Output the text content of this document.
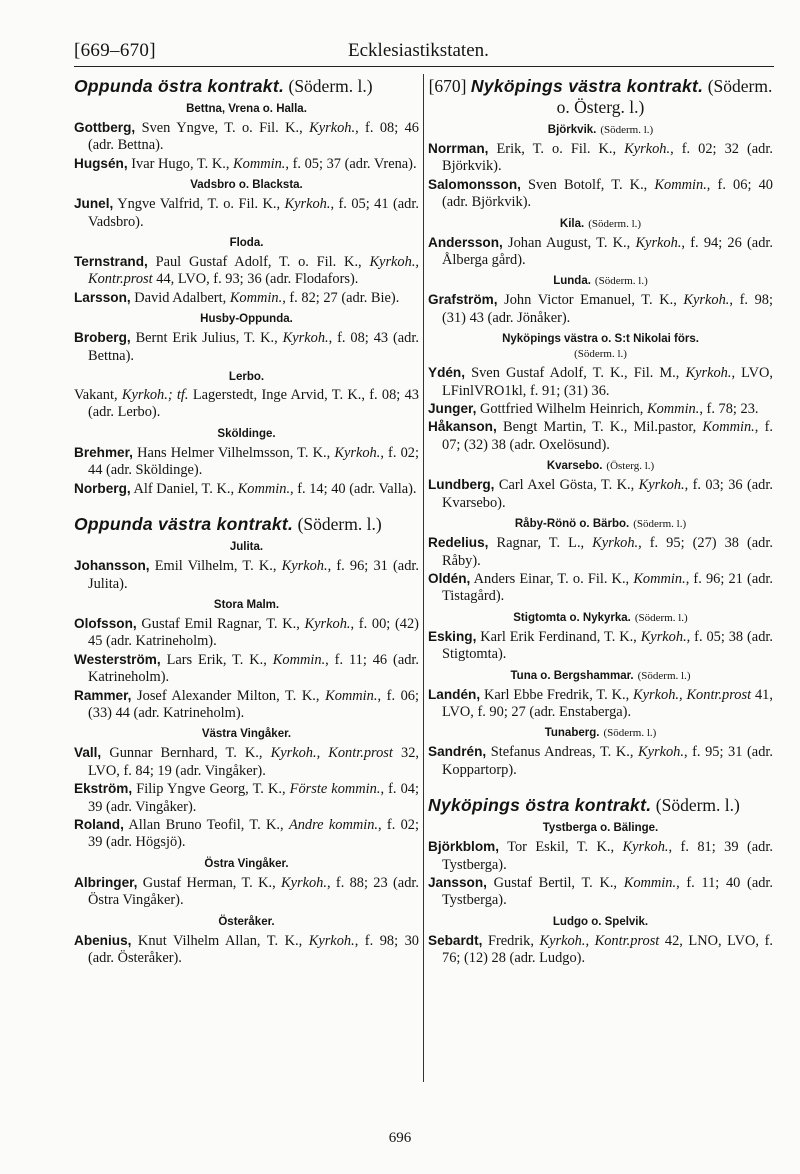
[669–670]	Ecklesiastikstaten.
Oppunda östra kontrakt. (Söderm. l.)
Bettna, Vrena o. Halla.
Gottberg, Sven Yngve, T. o. Fil. K., Kyrkoh., f. 08; 46 (adr. Bettna).
Hugsén, Ivar Hugo, T. K., Kommin., f. 05; 37 (adr. Vrena).
Vadsbro o. Blacksta.
Junel, Yngve Valfrid, T. o. Fil. K., Kyrkoh., f. 05; 41 (adr. Vadsbro).
Floda.
Ternstrand, Paul Gustaf Adolf, T. o. Fil. K., Kyrkoh., Kontr.prost 44, LVO, f. 93; 36 (adr. Flodafors).
Larsson, David Adalbert, Kommin., f. 82; 27 (adr. Bie).
Husby-Oppunda.
Broberg, Bernt Erik Julius, T. K., Kyrkoh., f. 08; 43 (adr. Bettna).
Lerbo.
Vakant, Kyrkoh.; tf. Lagerstedt, Inge Arvid, T. K., f. 08; 43 (adr. Lerbo).
Sköldinge.
Brehmer, Hans Helmer Vilhelmsson, T. K., Kyrkoh., f. 02; 44 (adr. Sköldinge).
Norberg, Alf Daniel, T. K., Kommin., f. 14; 40 (adr. Valla).
Oppunda västra kontrakt. (Söderm. l.)
Julita.
Johansson, Emil Vilhelm, T. K., Kyrkoh., f. 96; 31 (adr. Julita).
Stora Malm.
Olofsson, Gustaf Emil Ragnar, T. K., Kyrkoh., f. 00; (42) 45 (adr. Katrineholm).
Westerström, Lars Erik, T. K., Kommin., f. 11; 46 (adr. Katrineholm).
Rammer, Josef Alexander Milton, T. K., Kommin., f. 06; (33) 44 (adr. Katrineholm).
Västra Vingåker.
Vall, Gunnar Bernhard, T. K., Kyrkoh., Kontr.prost 32, LVO, f. 84; 19 (adr. Vingåker).
Ekström, Filip Yngve Georg, T. K., Förste kommin., f. 04; 39 (adr. Vingåker).
Roland, Allan Bruno Teofil, T. K., Andre kommin., f. 02; 39 (adr. Högsjö).
Östra Vingåker.
Albringer, Gustaf Herman, T. K., Kyrkoh., f. 88; 23 (adr. Östra Vingåker).
Österåker.
Abenius, Knut Vilhelm Allan, T. K., Kyrkoh., f. 98; 30 (adr. Österåker).
[670] Nyköpings västra kontrakt. (Söderm. o. Österg. l.)
Björkvik. (Söderm. l.)
Norrman, Erik, T. o. Fil. K., Kyrkoh., f. 02; 32 (adr. Björkvik).
Salomonsson, Sven Botolf, T. K., Kommin., f. 06; 40 (adr. Björkvik).
Kila. (Söderm. l.)
Andersson, Johan August, T. K., Kyrkoh., f. 94; 26 (adr. Ålberga gård).
Lunda. (Söderm. l.)
Grafström, John Victor Emanuel, T. K., Kyrkoh., f. 98; (31) 43 (adr. Jönåker).
Nyköpings västra o. S:t Nikolai förs.
(Söderm. l.)
Ydén, Sven Gustaf Adolf, T. K., Fil. M., Kyrkoh., LVO, LFinlVRO1kl, f. 91; (31) 36.
Junger, Gottfried Wilhelm Heinrich, Kommin., f. 78; 23.
Håkanson, Bengt Martin, T. K., Mil.pastor, Kommin., f. 07; (32) 38 (adr. Oxelösund).
Kvarsebo. (Österg. l.)
Lundberg, Carl Axel Gösta, T. K., Kyrkoh., f. 03; 36 (adr. Kvarsebo).
Råby-Rönö o. Bärbo. (Söderm. l.)
Redelius, Ragnar, T. L., Kyrkoh., f. 95; (27) 38 (adr. Råby).
Oldén, Anders Einar, T. o. Fil. K., Kommin., f. 96; 21 (adr. Tistagård).
Stigtomta o. Nykyrka. (Söderm. l.)
Esking, Karl Erik Ferdinand, T. K., Kyrkoh., f. 05; 38 (adr. Stigtomta).
Tuna o. Bergshammar. (Söderm. l.)
Landén, Karl Ebbe Fredrik, T. K., Kyrkoh., Kontr.prost 41, LVO, f. 90; 27 (adr. Enstaberga).
Tunaberg. (Söderm. l.)
Sandrén, Stefanus Andreas, T. K., Kyrkoh., f. 95; 31 (adr. Koppartorp).
Nyköpings östra kontrakt. (Söderm. l.)
Tystberga o. Bälinge.
Björkblom, Tor Eskil, T. K., Kyrkoh., f. 81; 39 (adr. Tystberga).
Jansson, Gustaf Bertil, T. K., Kommin., f. 11; 40 (adr. Tystberga).
Ludgo o. Spelvik.
Sebardt, Fredrik, Kyrkoh., Kontr.prost 42, LNO, LVO, f. 76; (12) 28 (adr. Ludgo).
696
